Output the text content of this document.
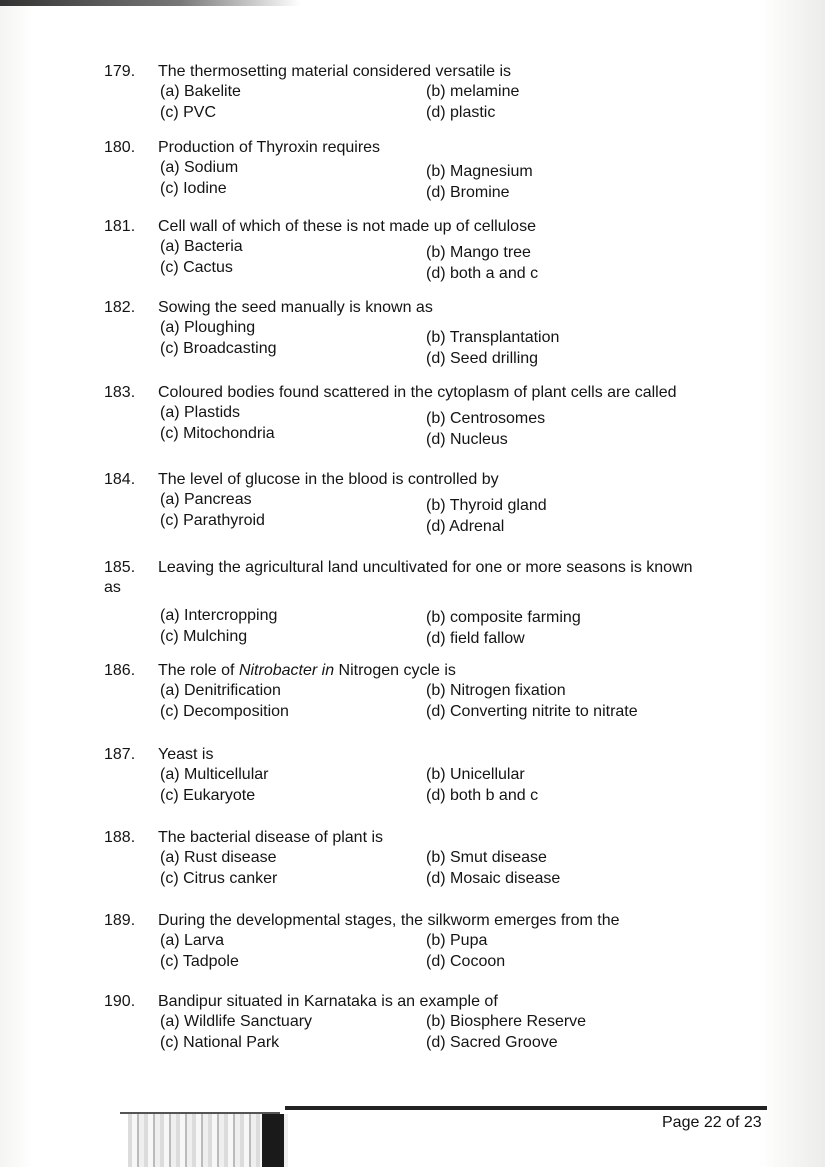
179.	The thermosetting material considered versatile is
(a) Bakelite	(b) melamine
(c) PVC	(d) plastic
180.	Production of Thyroxin requires
(a) Sodium	(b) Magnesium
(c) Iodine	(d) Bromine
181.	Cell wall of which of these is not made up of cellulose
(a) Bacteria	(b) Mango tree
(c) Cactus	(d) both a and c
182.	Sowing the seed manually is known as
(a) Ploughing
(b) Transplantation
(c) Broadcasting
(d) Seed drilling
183.	Coloured bodies found scattered in the cytoplasm of plant cells are called
(a) Plastids	(b) Centrosomes
(c) Mitochondria	(d) Nucleus
184.	The level of glucose in the blood is controlled by
(a) Pancreas	(b) Thyroid gland
(c) Parathyroid	(d) Adrenal
185.	Leaving the agricultural land uncultivated for one or more seasons is known
as
(a) Intercropping	(b) composite farming
(c) Mulching	(d) field fallow
186.	The role of Nitrobacter in Nitrogen cycle is
(a) Denitrification	(b) Nitrogen fixation
(c) Decomposition	(d) Converting nitrite to nitrate
187.	Yeast is
(a) Multicellular	(b) Unicellular
(c) Eukaryote	(d) both b and c
188.	The bacterial disease of plant is
(a) Rust disease	(b) Smut disease
(c) Citrus canker	(d) Mosaic disease
189.	During the developmental stages, the silkworm emerges from the
(a) Larva	(b) Pupa
(c) Tadpole	(d) Cocoon
190.	Bandipur situated in Karnataka is an example of
(a) Wildlife Sanctuary	(b) Biosphere Reserve
(c) National Park	(d) Sacred Groove
Page 22 of 23
